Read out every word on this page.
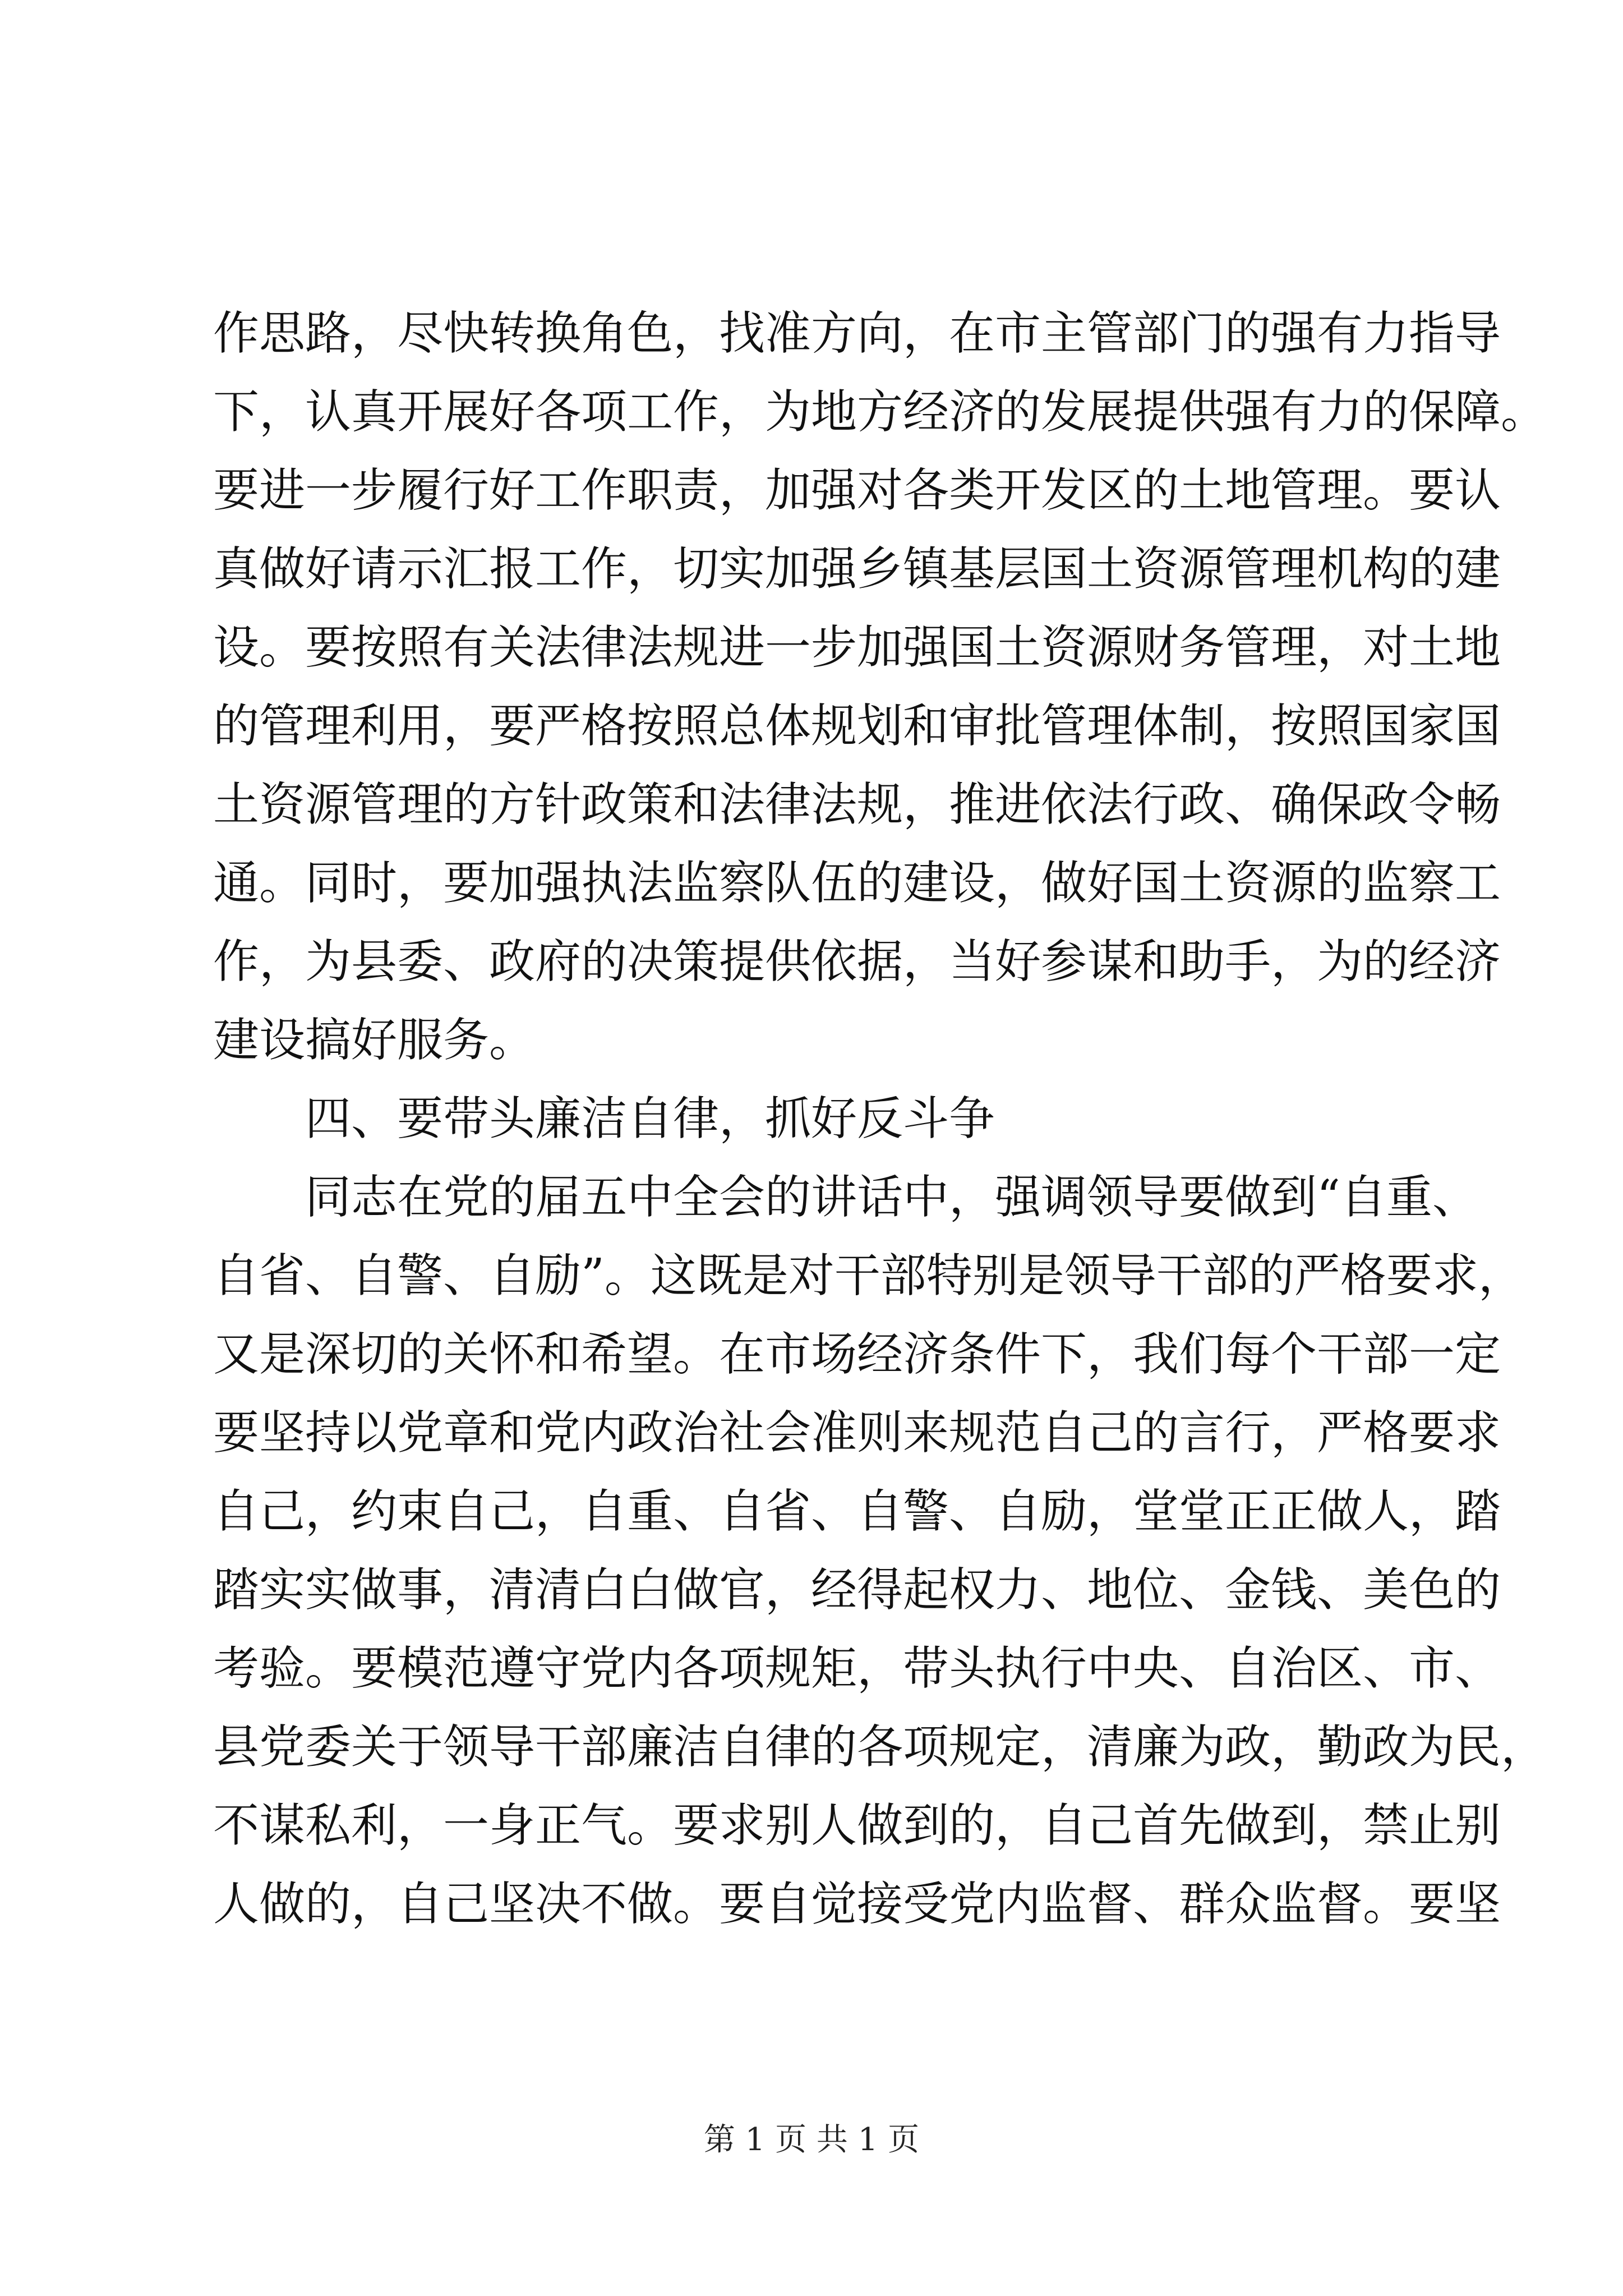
作思路，尽快转换角色，找准方向，在市主管部门的强有力指导
下，认真开展好各项工作，为地方经济的发展提供强有力的保障。
要进一步履行好工作职责，加强对各类开发区的土地管理。要认
真做好请示汇报工作，切实加强乡镇基层国土资源管理机构的建
设。要按照有关法律法规进一步加强国土资源财务管理，对土地
的管理利用，要严格按照总体规划和审批管理体制，按照国家国
土资源管理的方针政策和法律法规，推进依法行政、确保政令畅
通。同时，要加强执法监察队伍的建设，做好国土资源的监察工
作，为县委、政府的决策提供依据，当好参谋和助手，为的经济
建设搞好服务。
　　四、要带头廉洁自律，抓好反斗争
　　同志在党的届五中全会的讲话中，强调领导要做到“自重、
自省、自警、自励”。这既是对干部特别是领导干部的严格要求，
又是深切的关怀和希望。在市场经济条件下，我们每个干部一定
要坚持以党章和党内政治社会准则来规范自己的言行，严格要求
自己，约束自己，自重、自省、自警、自励，堂堂正正做人，踏
踏实实做事，清清白白做官，经得起权力、地位、金钱、美色的
考验。要模范遵守党内各项规矩，带头执行中央、自治区、市、
县党委关于领导干部廉洁自律的各项规定，清廉为政，勤政为民，
不谋私利，一身正气。要求别人做到的，自己首先做到，禁止别
人做的，自己坚决不做。要自觉接受党内监督、群众监督。要坚
第 1 页 共 1 页
